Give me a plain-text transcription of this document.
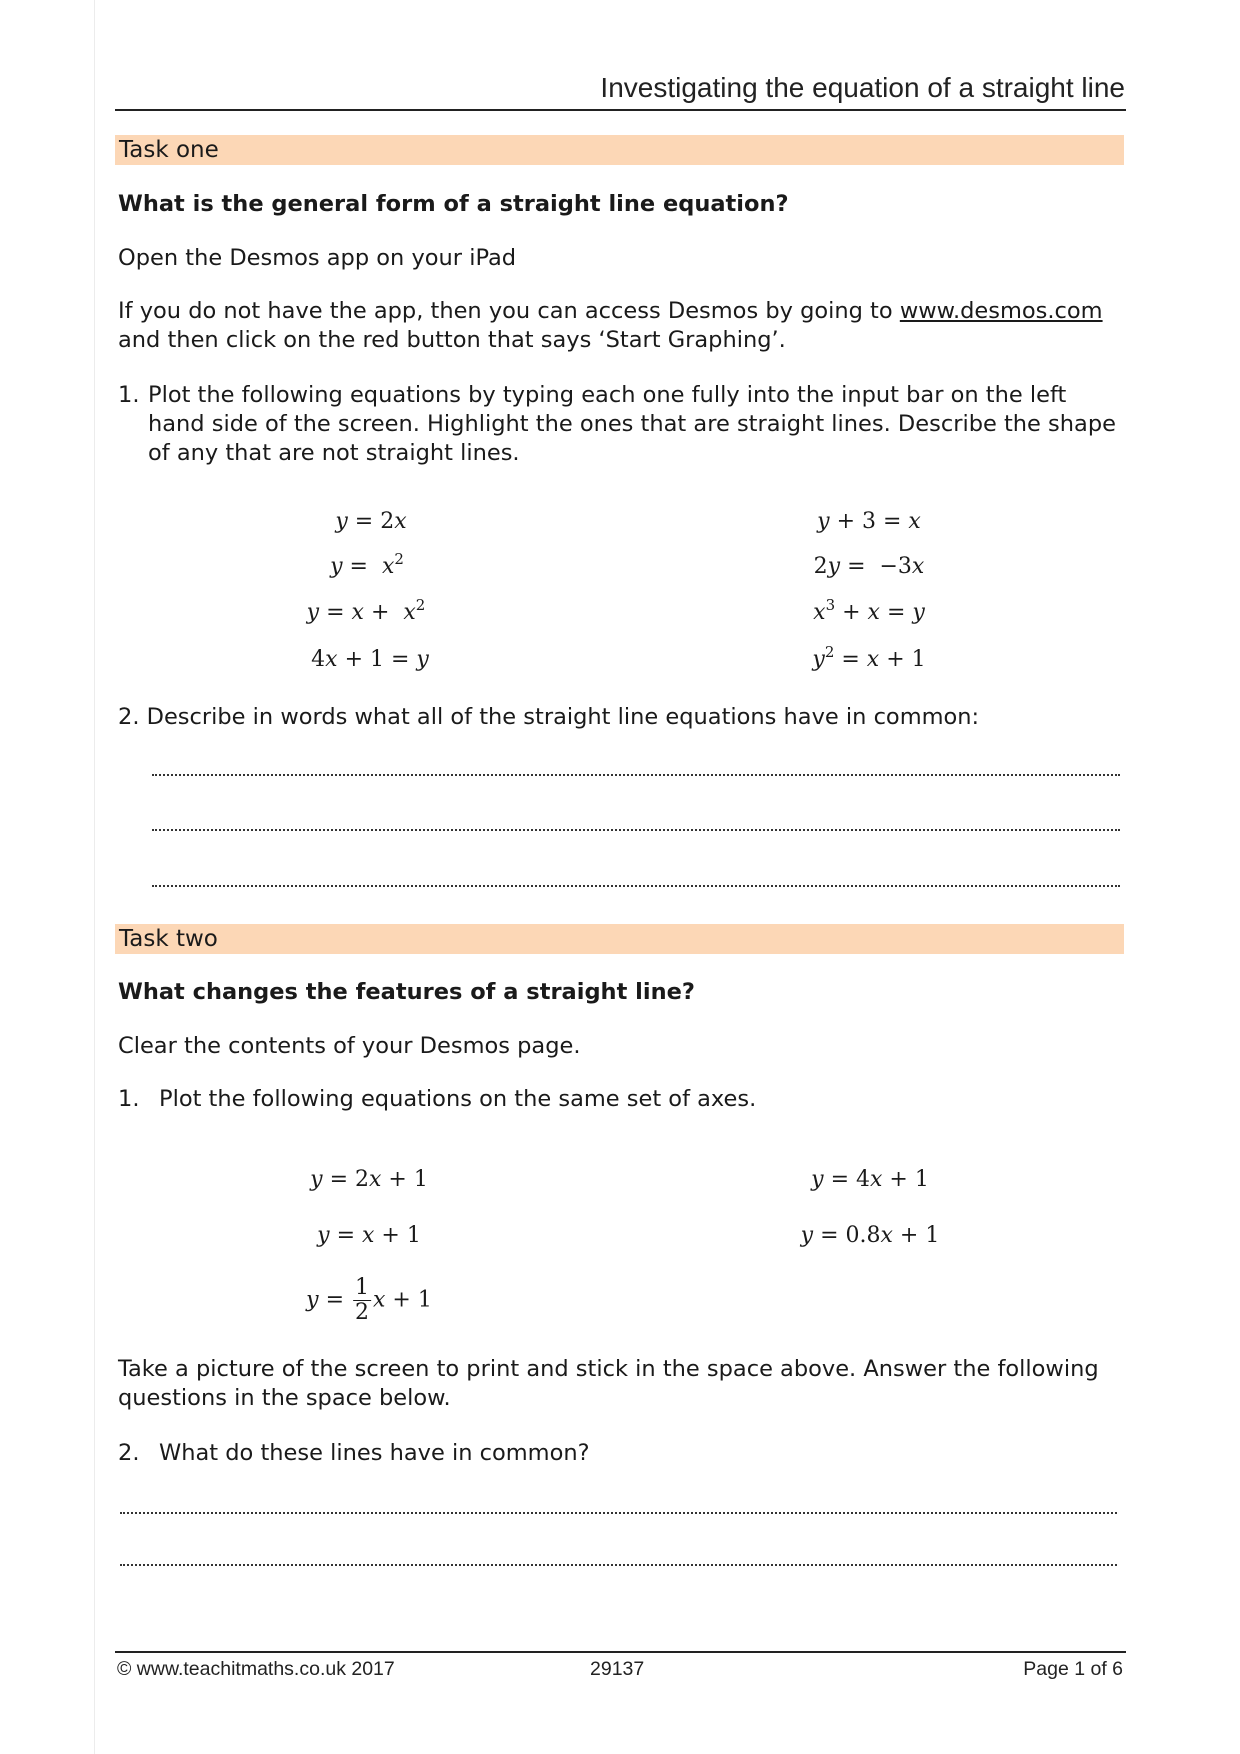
Investigating the equation of a straight line
Task one
What is the general form of a straight line equation?
Open the Desmos app on your iPad
If you do not have the app, then you can access Desmos by going to www.desmos.com
and then click on the red button that says ‘Start Graphing’.
1. Plot the following equations by typing each one fully into the input bar on the left
hand side of the screen. Highlight the ones that are straight lines. Describe the shape
of any that are not straight lines.
y = 2x
$y = x^2$
$y = x + x^2$
4x + 1 = y
y + 3 = x
2y =  −3x
$x^3 + x = y$
$y^2 = x + 1$
2. Describe in words what all of the straight line equations have in common:
Task two
What changes the features of a straight line?
Clear the contents of your Desmos page.
1. Plot the following equations on the same set of axes.
y = 2x + 1
y = x + 1
$y = \frac{1}{2}$ x + 1
y = 4x + 1
y = 0.8x + 1
Take a picture of the screen to print and stick in the space above. Answer the following
questions in the space below.
2. What do these lines have in common?
© www.teachitmaths.co.uk 2017	29137	Page 1 of 6
